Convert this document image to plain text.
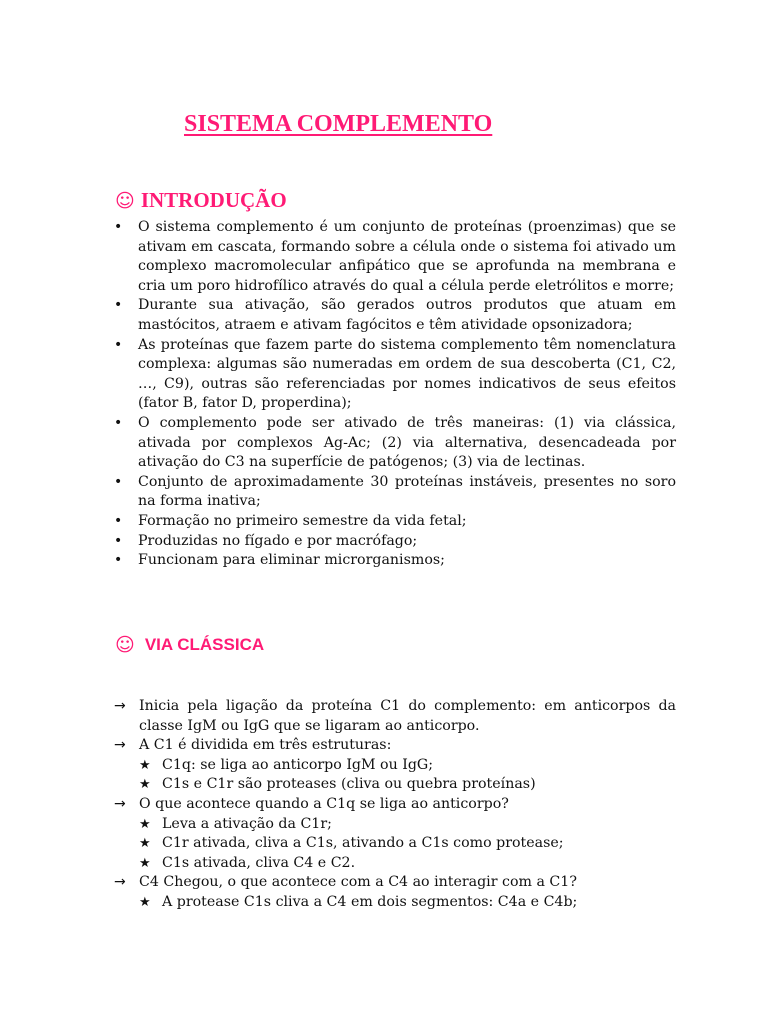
SISTEMA COMPLEMENTO
☺ INTRODUÇÃO
• O sistema complemento é um conjunto de proteínas (proenzimas) que se ativam em cascata, formando sobre a célula onde o sistema foi ativado um complexo macromolecular anfipático que se aprofunda na membrana e cria um poro hidrofílico através do qual a célula perde eletrólitos e morre;
• Durante sua ativação, são gerados outros produtos que atuam em mastócitos, atraem e ativam fagócitos e têm atividade opsonizadora;
• As proteínas que fazem parte do sistema complemento têm nomenclatura complexa: algumas são numeradas em ordem de sua descoberta (C1, C2, …, C9), outras são referenciadas por nomes indicativos de seus efeitos (fator B, fator D, properdina);
• O complemento pode ser ativado de três maneiras: (1) via clássica, ativada por complexos Ag-Ac; (2) via alternativa, desencadeada por ativação do C3 na superfície de patógenos; (3) via de lectinas.
• Conjunto de aproximadamente 30 proteínas instáveis, presentes no soro na forma inativa;
• Formação no primeiro semestre da vida fetal;
• Produzidas no fígado e por macrófago;
• Funcionam para eliminar microrganismos;
☺ VIA CLÁSSICA
→ Inicia pela ligação da proteína C1 do complemento: em anticorpos da classe IgM ou IgG que se ligaram ao anticorpo.
→ A C1 é dividida em três estruturas:
★ C1q: se liga ao anticorpo IgM ou IgG;
★ C1s e C1r são proteases (cliva ou quebra proteínas)
→ O que acontece quando a C1q se liga ao anticorpo?
★ Leva a ativação da C1r;
★ C1r ativada, cliva a C1s, ativando a C1s como protease;
★ C1s ativada, cliva C4 e C2.
→ C4 Chegou, o que acontece com a C4 ao interagir com a C1?
★ A protease C1s cliva a C4 em dois segmentos: C4a e C4b;
